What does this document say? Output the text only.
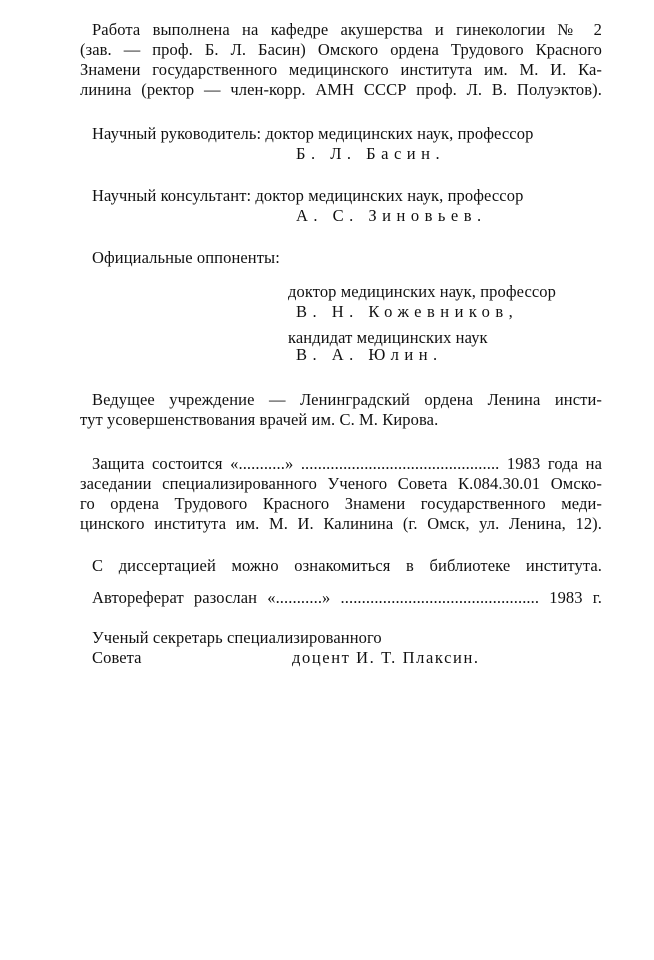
Работа выполнена на кафедре акушерства и гинекологии № 2
(зав. — проф. Б. Л. Басин) Омского ордена Трудового Красного
Знамени государственного медицинского института им. М. И. Ка-
линина (ректор — член-корр. АМН СССР проф. Л. В. Полуэктов).
Научный руководитель: доктор медицинских наук, профессор
Б. Л. Басин.
Научный консультант: доктор медицинских наук, профессор
А. С. Зиновьев.
Официальные оппоненты:
доктор медицинских наук, профессор
В. Н. Кожевников,
кандидат медицинских наук
В. А. Юлин.
Ведущее учреждение — Ленинградский ордена Ленина инсти-
тут усовершенствования врачей им. С. М. Кирова.
Защита состоится «...........» ............................................... 1983 года на
заседании специализированного Ученого Совета К.084.30.01 Омско-
го ордена Трудового Красного Знамени государственного меди-
цинского института им. М. И. Калинина (г. Омск, ул. Ленина, 12).
С диссертацией можно ознакомиться в библиотеке института.
Автореферат разослан «...........» ............................................... 1983 г.
Ученый секретарь специализированного
Совета	доцент И. Т. Плаксин.
